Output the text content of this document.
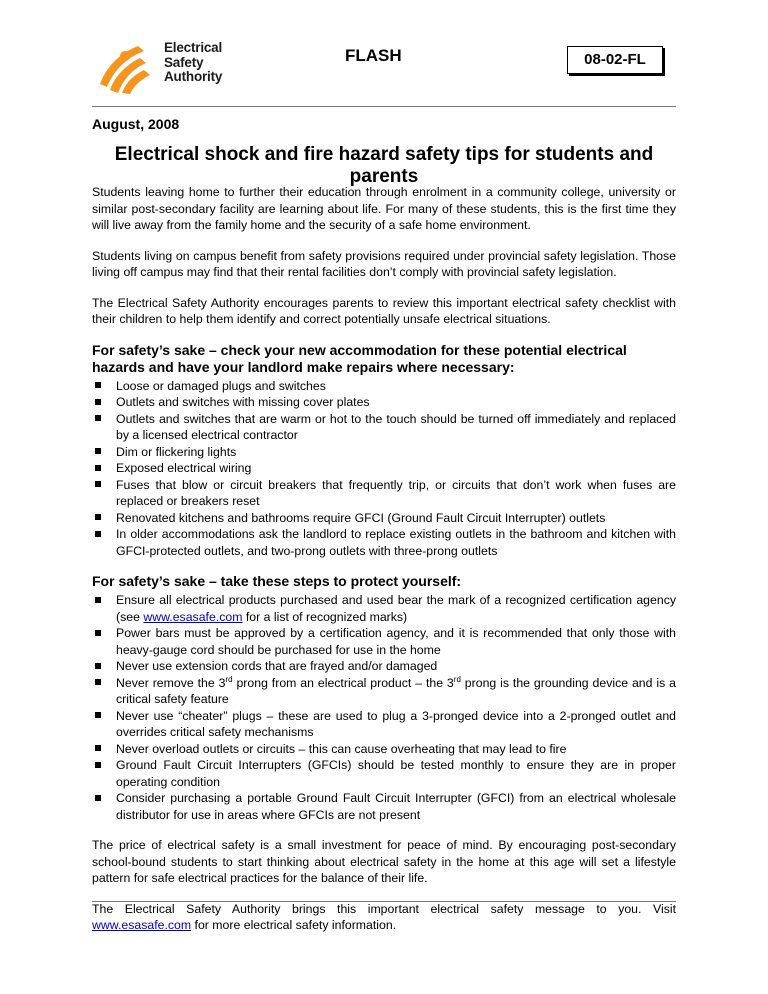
Electrical
Safety
Authority
FLASH	08-02-FL
August, 2008
Electrical shock and fire hazard safety tips for students and parents

Students leaving home to further their education through enrolment in a community college, university or similar post-secondary facility are learning about life. For many of these students, this is the first time they will live away from the family home and the security of a safe home environment.

Students living on campus benefit from safety provisions required under provincial safety legislation. Those living off campus may find that their rental facilities don’t comply with provincial safety legislation.

The Electrical Safety Authority encourages parents to review this important electrical safety checklist with their children to help them identify and correct potentially unsafe electrical situations.

For safety’s sake – check your new accommodation for these potential electrical hazards and have your landlord make repairs where necessary:
Loose or damaged plugs and switches
Outlets and switches with missing cover plates
Outlets and switches that are warm or hot to the touch should be turned off immediately and replaced by a licensed electrical contractor
Dim or flickering lights
Exposed electrical wiring
Fuses that blow or circuit breakers that frequently trip, or circuits that don’t work when fuses are replaced or breakers reset
Renovated kitchens and bathrooms require GFCI (Ground Fault Circuit Interrupter) outlets
In older accommodations ask the landlord to replace existing outlets in the bathroom and kitchen with GFCI-protected outlets, and two-prong outlets with three-prong outlets
For safety’s sake – take these steps to protect yourself:
Ensure all electrical products purchased and used bear the mark of a recognized certification agency (see www.esasafe.com for a list of recognized marks)
Power bars must be approved by a certification agency, and it is recommended that only those with heavy-gauge cord should be purchased for use in the home
Never use extension cords that are frayed and/or damaged
Never remove the 3rd prong from an electrical product – the 3rd prong is the grounding device and is a critical safety feature
Never use “cheater” plugs – these are used to plug a 3-pronged device into a 2-pronged outlet and overrides critical safety mechanisms
Never overload outlets or circuits – this can cause overheating that may lead to fire
Ground Fault Circuit Interrupters (GFCIs) should be tested monthly to ensure they are in proper operating condition
Consider purchasing a portable Ground Fault Circuit Interrupter (GFCI) from an electrical wholesale distributor for use in areas where GFCIs are not present

The price of electrical safety is a small investment for peace of mind. By encouraging post-secondary school-bound students to start thinking about electrical safety in the home at this age will set a lifestyle pattern for safe electrical practices for the balance of their life.

The Electrical Safety Authority brings this important electrical safety message to you. Visit www.esasafe.com for more electrical safety information.
